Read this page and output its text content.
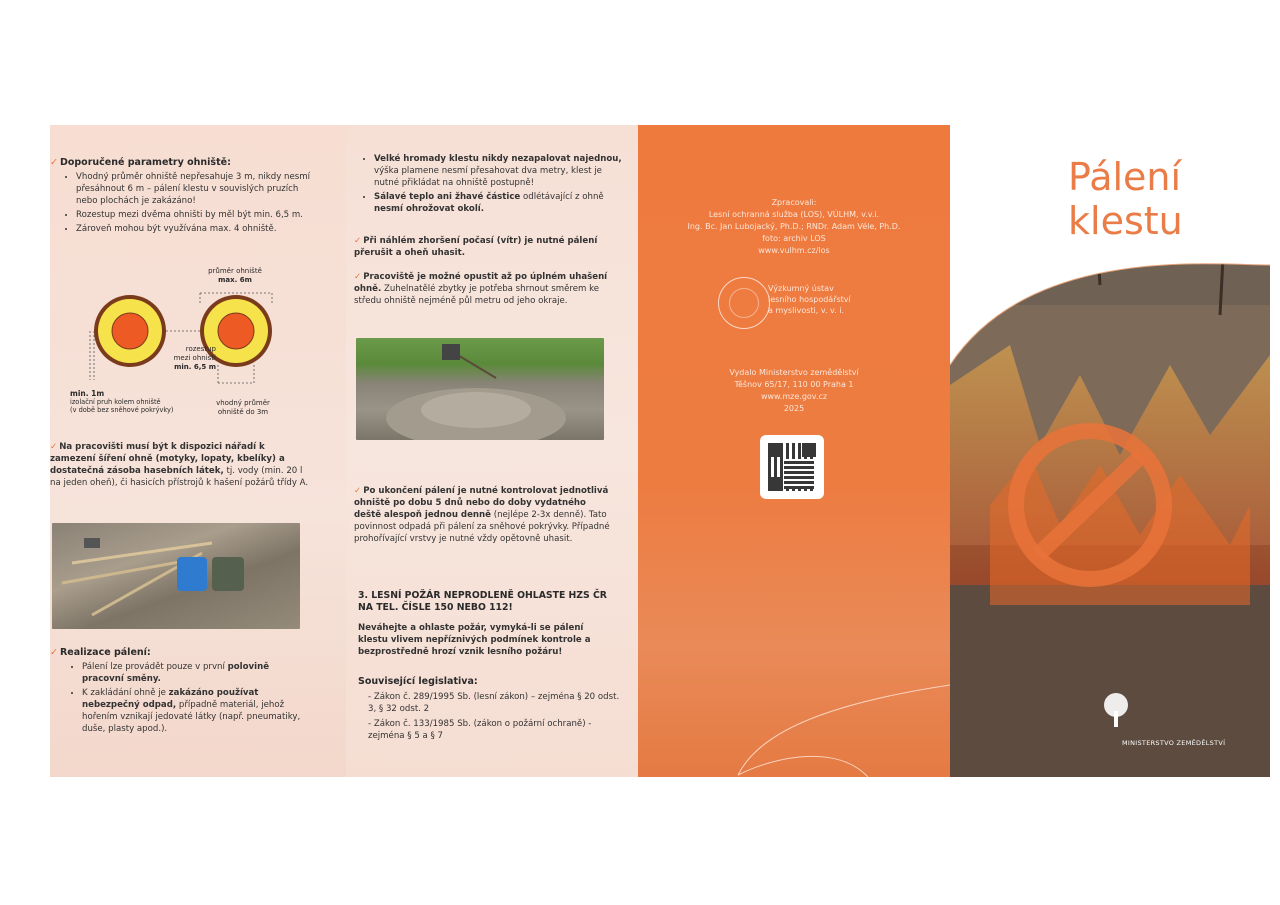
✓ Doporučené parametry ohniště:
• Vhodný průměr ohniště nepřesahuje 3 m, nikdy nesmí přesáhnout 6 m – pálení klestu v souvislých pruzích nebo plochách je zakázáno!
• Rozestup mezi dvěma ohništi by měl být min. 6,5 m.
• Zároveň mohou být využívána max. 4 ohniště.
průměr ohniště
max. 6m
rozestup
mezi ohništi
min. 6,5 m
min. 1m
izolační pruh kolem ohniště
(v době bez sněhové pokrývky)
vhodný průměr
ohniště do 3m
✓ Na pracovišti musí být k dispozici nářadí k zamezení šíření ohně (motyky, lopaty, kbelíky) a dostatečná zásoba hasebních látek, tj. vody (min. 20 l na jeden oheň), či hasicích přístrojů k hašení požárů třídy A.
✓ Realizace pálení:
• Pálení lze provádět pouze v první polovině pracovní směny.
• K zakládání ohně je zakázáno používat nebezpečný odpad, případně materiál, jehož hořením vznikají jedovaté látky (např. pneumatiky, duše, plasty apod.).
• Velké hromady klestu nikdy nezapalovat najednou, výška plamene nesmí přesahovat dva metry, klest je nutné přikládat na ohniště postupně!
• Sálavé teplo ani žhavé částice odlétávající z ohně nesmí ohrožovat okolí.
✓ Při náhlém zhoršení počasí (vítr) je nutné pálení přerušit a oheň uhasit.
✓ Pracoviště je možné opustit až po úplném uhašení ohně. Zuhelnatělé zbytky je potřeba shrnout směrem ke středu ohniště nejméně půl metru od jeho okraje.
✓ Po ukončení pálení je nutné kontrolovat jednotlivá ohniště po dobu 5 dnů nebo do doby vydatného deště alespoň jednou denně (nejlépe 2-3x denně). Tato povinnost odpadá při pálení za sněhové pokrývky. Případné prohořívající vrstvy je nutné vždy opětovně uhasit.
3. LESNÍ POŽÁR NEPRODLENĚ OHLASTE HZS ČR NA TEL. ČÍSLE 150 NEBO 112!
Neváhejte a ohlaste požár, vymyká-li se pálení klestu vlivem nepříznivých podmínek kontrole a bezprostředně hrozí vznik lesního požáru!
Související legislativa:
- Zákon č. 289/1995 Sb. (lesní zákon) – zejména § 20 odst. 3, § 32 odst. 2
- Zákon č. 133/1985 Sb. (zákon o požární ochraně) - zejména § 5 a § 7
Zpracovali:
Lesní ochranná služba (LOS), VÚLHM, v.v.i.
Ing. Bc. Jan Lubojacký, Ph.D.; RNDr. Adam Véle, Ph.D.
foto: archiv LOS
www.vulhm.cz/los
Výzkumný ústav
lesního hospodářství
a myslivosti, v. v. i.
Vydalo Ministerstvo zemědělství
Těšnov 65/17, 110 00 Praha 1
www.mze.gov.cz
2025
Pálení
klestu
MINISTERSTVO ZEMĚDĚLSTVÍ
